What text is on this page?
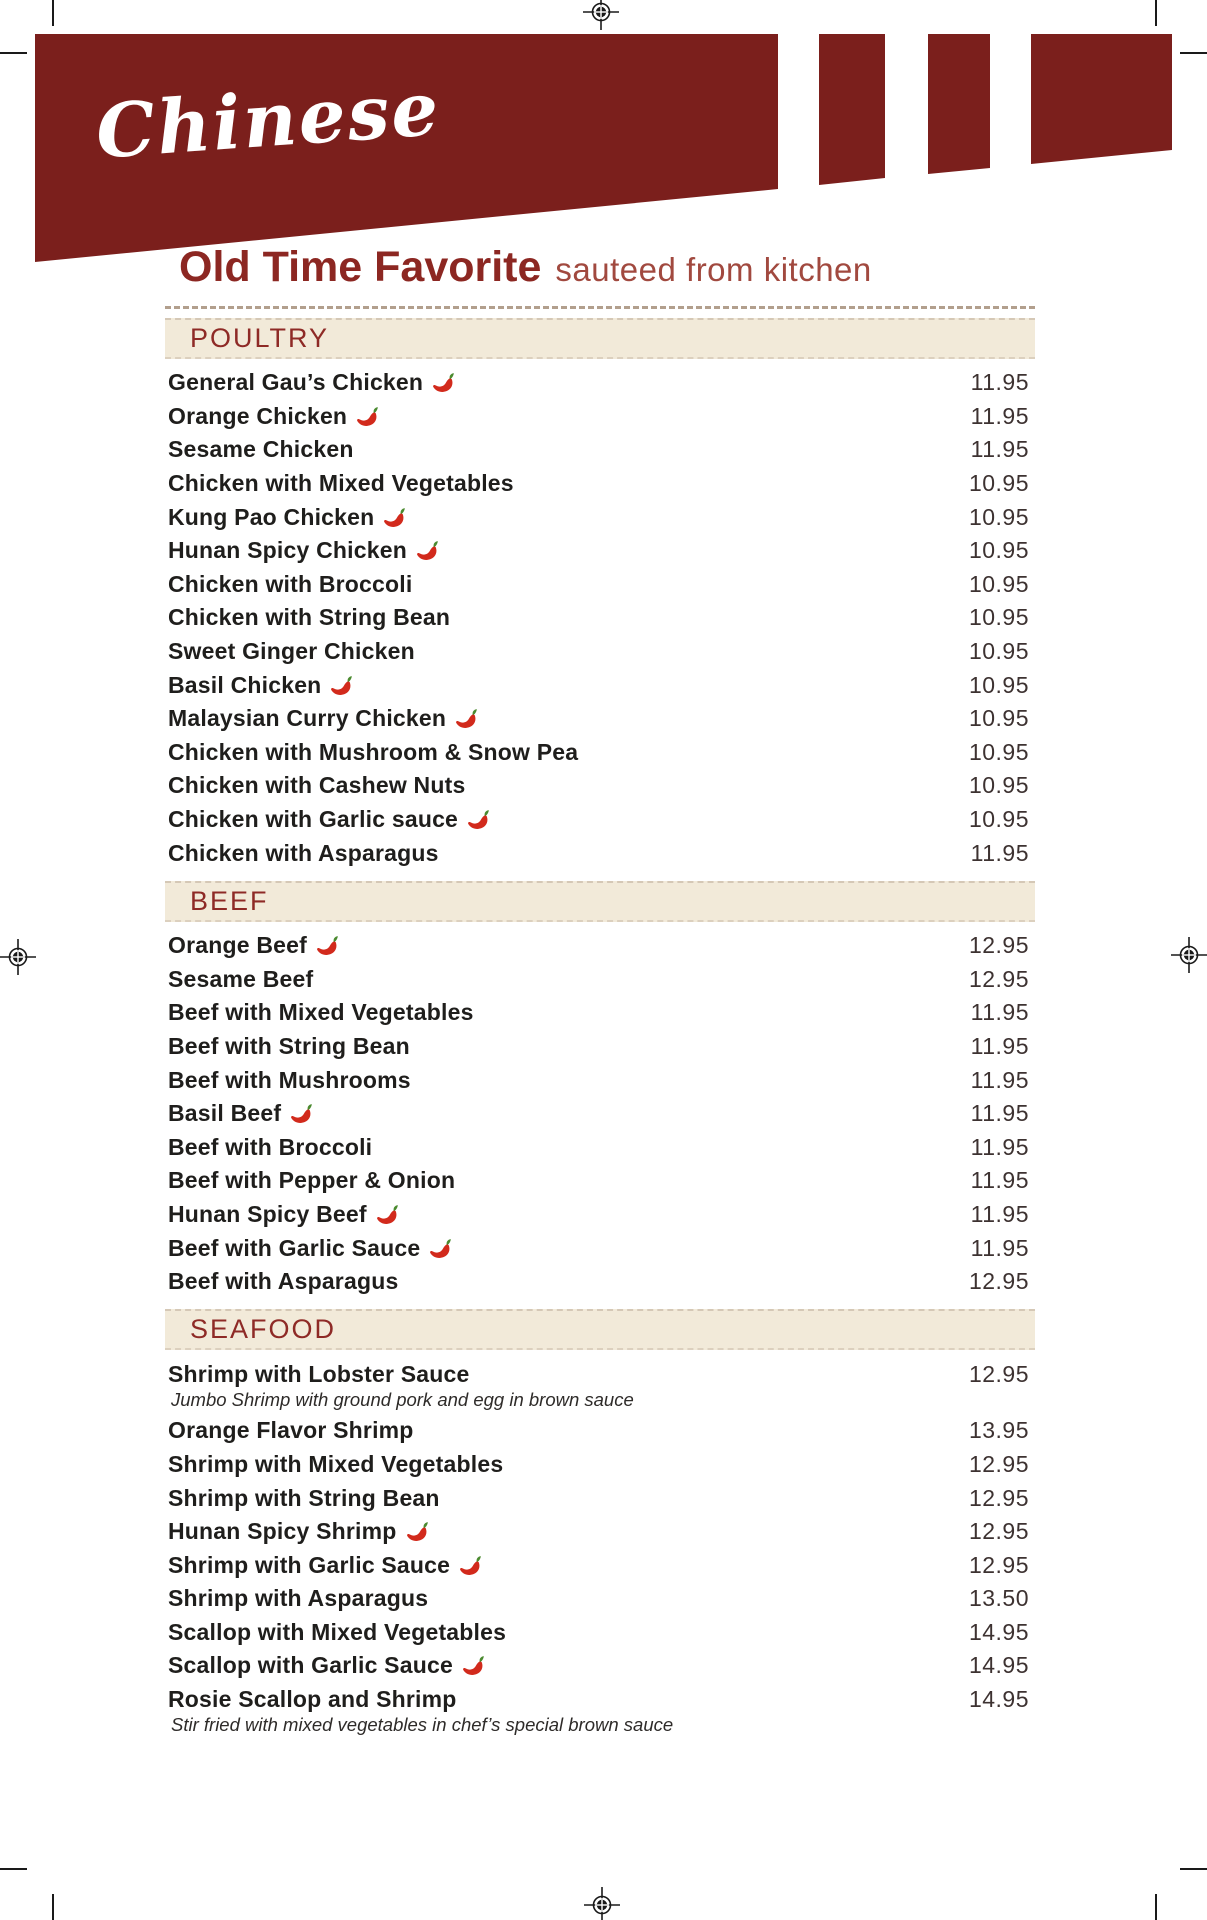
Chinese
Old Time Favorite sauteed from kitchen
POULTRY
General Gau’s Chicken	11.95
Orange Chicken	11.95
Sesame Chicken	11.95
Chicken with Mixed Vegetables	10.95
Kung Pao Chicken	10.95
Hunan Spicy Chicken	10.95
Chicken with Broccoli	10.95
Chicken with String Bean	10.95
Sweet Ginger Chicken	10.95
Basil Chicken	10.95
Malaysian Curry Chicken	10.95
Chicken with Mushroom & Snow Pea	10.95
Chicken with Cashew Nuts	10.95
Chicken with Garlic sauce	10.95
Chicken with Asparagus	11.95
BEEF
Orange Beef	12.95
Sesame Beef	12.95
Beef with Mixed Vegetables	11.95
Beef with String Bean	11.95
Beef with Mushrooms	11.95
Basil Beef	11.95
Beef with Broccoli	11.95
Beef with Pepper & Onion	11.95
Hunan Spicy Beef	11.95
Beef with Garlic Sauce	11.95
Beef with Asparagus	12.95
SEAFOOD
Shrimp with Lobster Sauce	12.95
Jumbo Shrimp with ground pork and egg in brown sauce
Orange Flavor Shrimp	13.95
Shrimp with Mixed Vegetables	12.95
Shrimp with String Bean	12.95
Hunan Spicy Shrimp	12.95
Shrimp with Garlic Sauce	12.95
Shrimp with Asparagus	13.50
Scallop with Mixed Vegetables	14.95
Scallop with Garlic Sauce	14.95
Rosie Scallop and Shrimp	14.95
Stir fried with mixed vegetables in chef’s special brown sauce
